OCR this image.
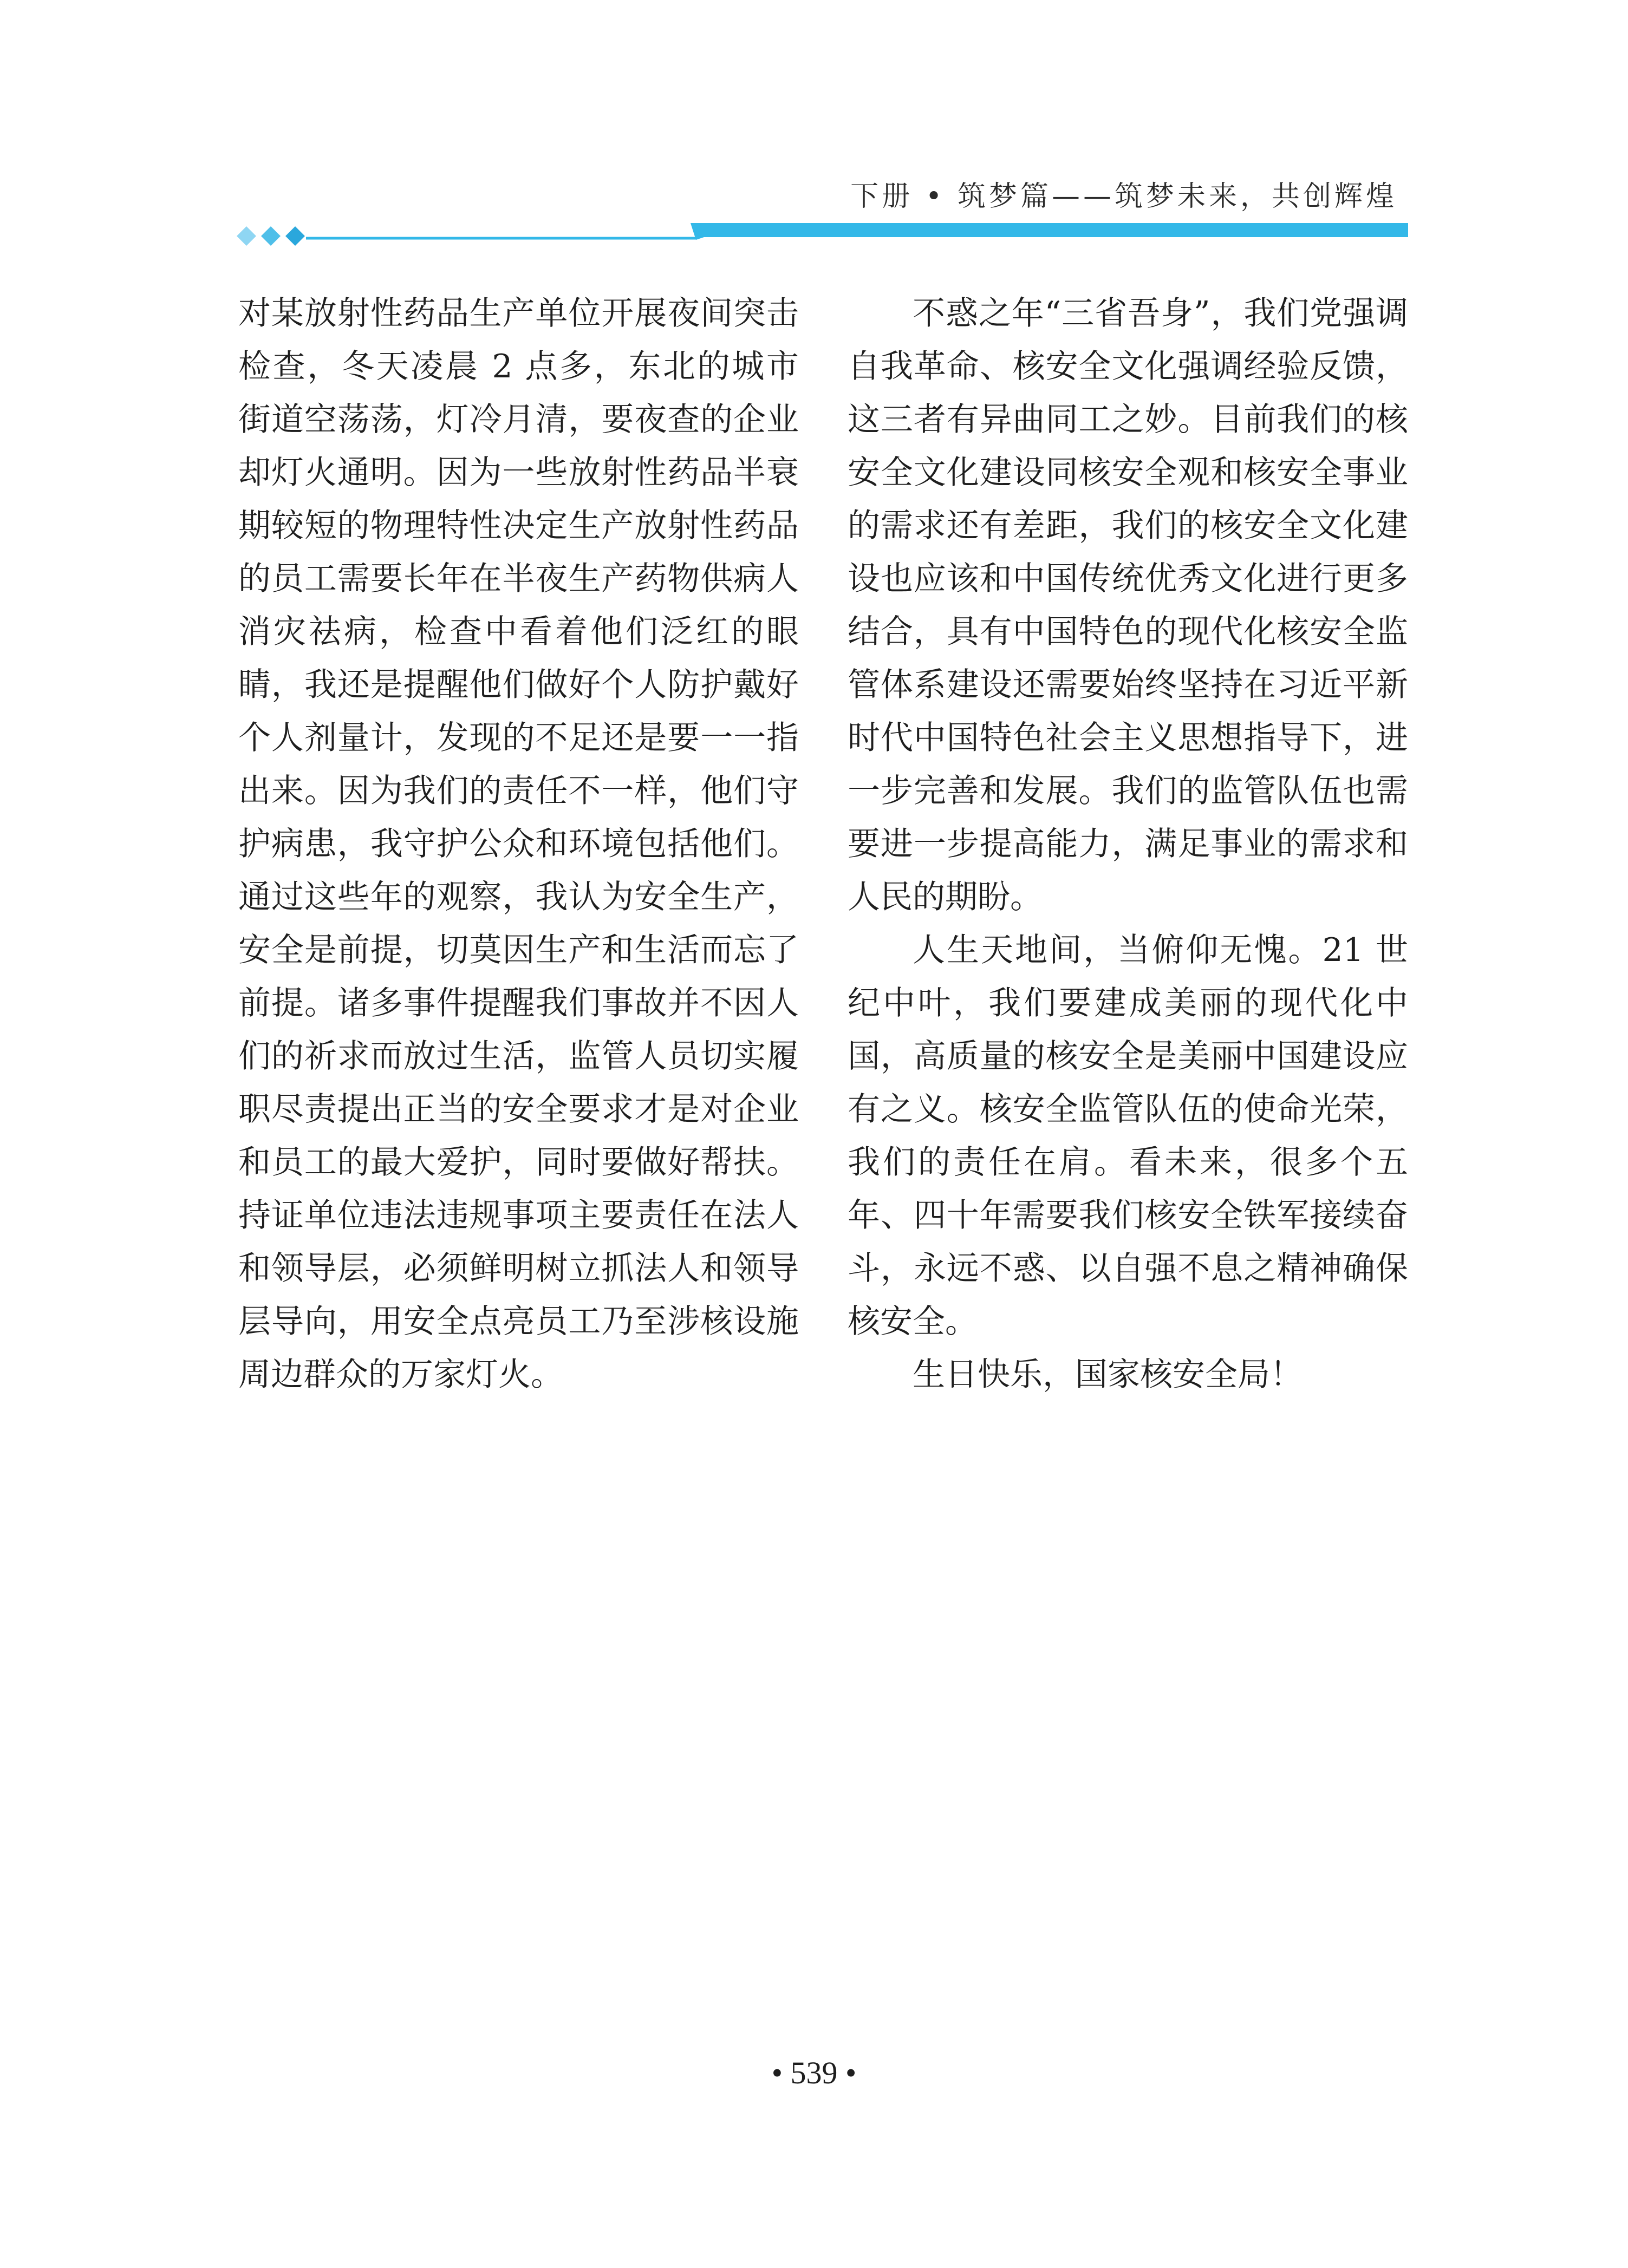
下册 • 筑梦篇——筑梦未来，共创辉煌

对某放射性药品生产单位开展夜间突击检查，冬天凌晨 2 点多，东北的城市街道空荡荡，灯冷月清，要夜查的企业却灯火通明。因为一些放射性药品半衰期较短的物理特性决定生产放射性药品的员工需要长年在半夜生产药物供病人消灾祛病，检查中看着他们泛红的眼睛，我还是提醒他们做好个人防护戴好个人剂量计，发现的不足还是要一一指出来。因为我们的责任不一样，他们守护病患，我守护公众和环境包括他们。通过这些年的观察，我认为安全生产，安全是前提，切莫因生产和生活而忘了前提。诸多事件提醒我们事故并不因人们的祈求而放过生活，监管人员切实履职尽责提出正当的安全要求才是对企业和员工的最大爱护，同时要做好帮扶。持证单位违法违规事项主要责任在法人和领导层，必须鲜明树立抓法人和领导层导向，用安全点亮员工乃至涉核设施周边群众的万家灯火。

不惑之年“三省吾身”，我们党强调自我革命、核安全文化强调经验反馈，这三者有异曲同工之妙。目前我们的核安全文化建设同核安全观和核安全事业的需求还有差距，我们的核安全文化建设也应该和中国传统优秀文化进行更多结合，具有中国特色的现代化核安全监管体系建设还需要始终坚持在习近平新时代中国特色社会主义思想指导下，进一步完善和发展。我们的监管队伍也需要进一步提高能力，满足事业的需求和人民的期盼。

人生天地间，当俯仰无愧。21 世纪中叶，我们要建成美丽的现代化中国，高质量的核安全是美丽中国建设应有之义。核安全监管队伍的使命光荣，我们的责任在肩。看未来，很多个五年、四十年需要我们核安全铁军接续奋斗，永远不惑、以自强不息之精神确保核安全。

生日快乐，国家核安全局！

• 539 •
